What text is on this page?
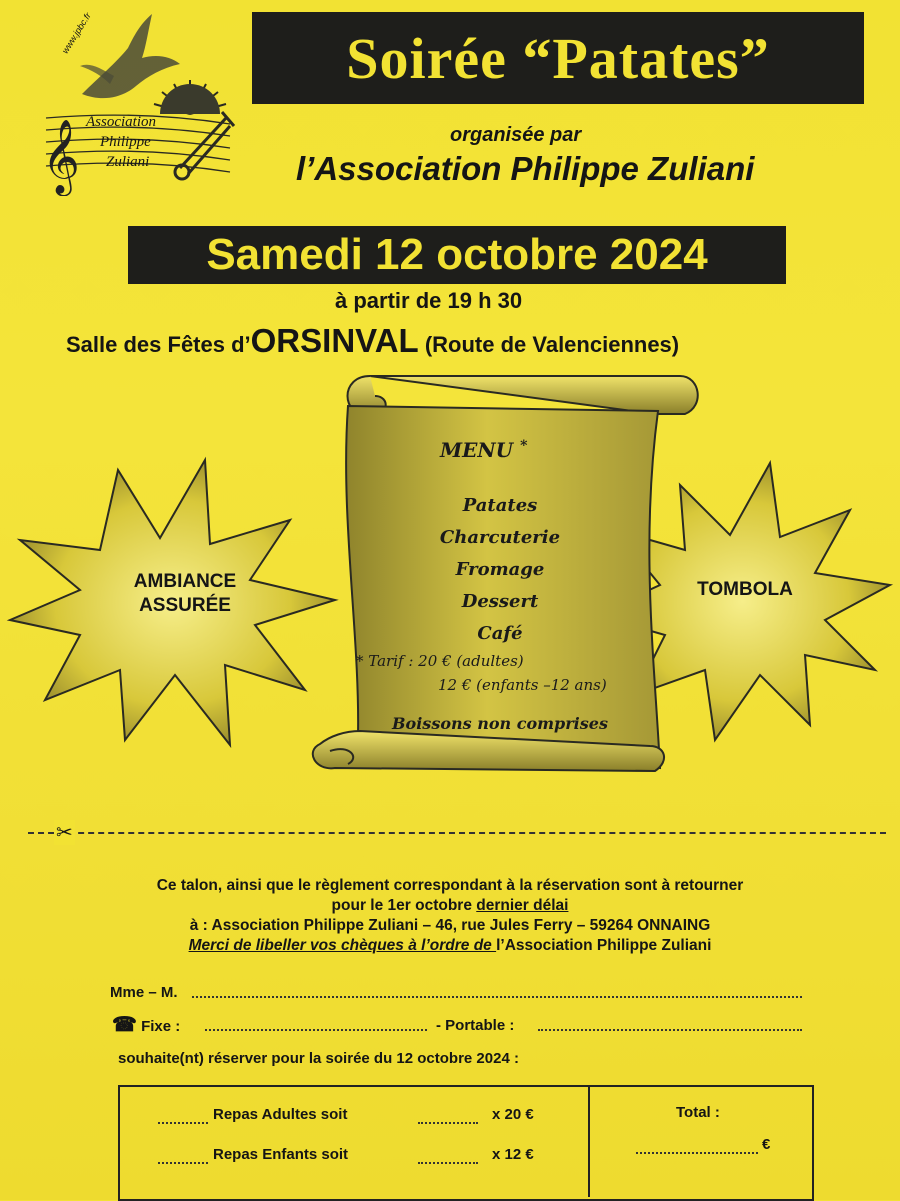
𝄞
www.jpbc.fr
Association
Philippe
Zuliani
Soirée “Patates”
organisée par
l’Association Philippe Zuliani
Samedi 12 octobre 2024
à partir de 19 h 30
Salle des Fêtes d’ORSINVAL (Route de Valenciennes)
AMBIANCE
ASSURÉE
TOMBOLA
MENU *
Patates
Charcuterie
Fromage
Dessert
Café
* Tarif : 20 € (adultes)
12 € (enfants –12 ans)
Boissons non comprises
✂
Ce talon, ainsi que le règlement correspondant à la réservation sont à retourner
pour le 1er octobre dernier délai
à : Association Philippe Zuliani – 46, rue Jules Ferry – 59264 ONNAING
Merci de libeller vos chèques à l’ordre de l’Association Philippe Zuliani
Mme – M.
☎ Fixe :	- Portable :
souhaite(nt) réserver pour la soirée du 12 octobre 2024 :
Repas Adultes soit	x 20 €
Repas Enfants soit	x 12 €
Total :
€
